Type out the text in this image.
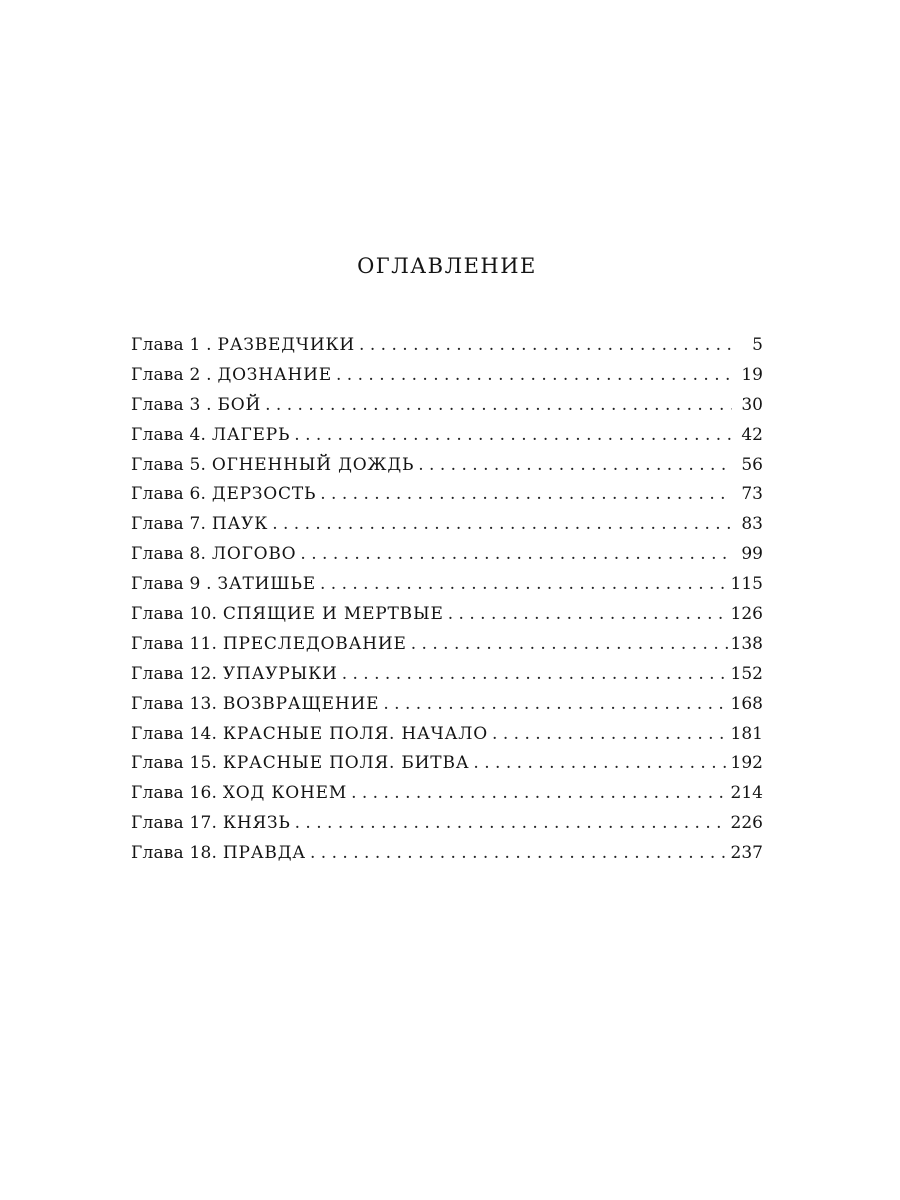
ОГЛАВЛЕНИЕ
Глава 1 . РАЗВЕДЧИКИ . . .	5
Глава 2 . ДОЗНАНИЕ . . .	19
Глава 3 . БОЙ . . .	30
Глава 4. ЛАГЕРЬ . . .	42
Глава 5. ОГНЕННЫЙ ДОЖДЬ . . .	56
Глава 6. ДЕРЗОСТЬ . . .	73
Глава 7. ПАУК . . .	83
Глава 8. ЛОГОВО . . .	99
Глава 9 . ЗАТИШЬЕ . . .	115
Глава 10. СПЯЩИЕ И МЕРТВЫЕ . . .	126
Глава 11. ПРЕСЛЕДОВАНИЕ . . .	138
Глава 12. УПАУРЫКИ . . .	152
Глава 13. ВОЗВРАЩЕНИЕ . . .	168
Глава 14. КРАСНЫЕ ПОЛЯ. НАЧАЛО . . .	181
Глава 15. КРАСНЫЕ ПОЛЯ. БИТВА . . .	192
Глава 16. ХОД КОНЕМ . . .	214
Глава 17. КНЯЗЬ . . .	226
Глава 18. ПРАВДА . . .	237
